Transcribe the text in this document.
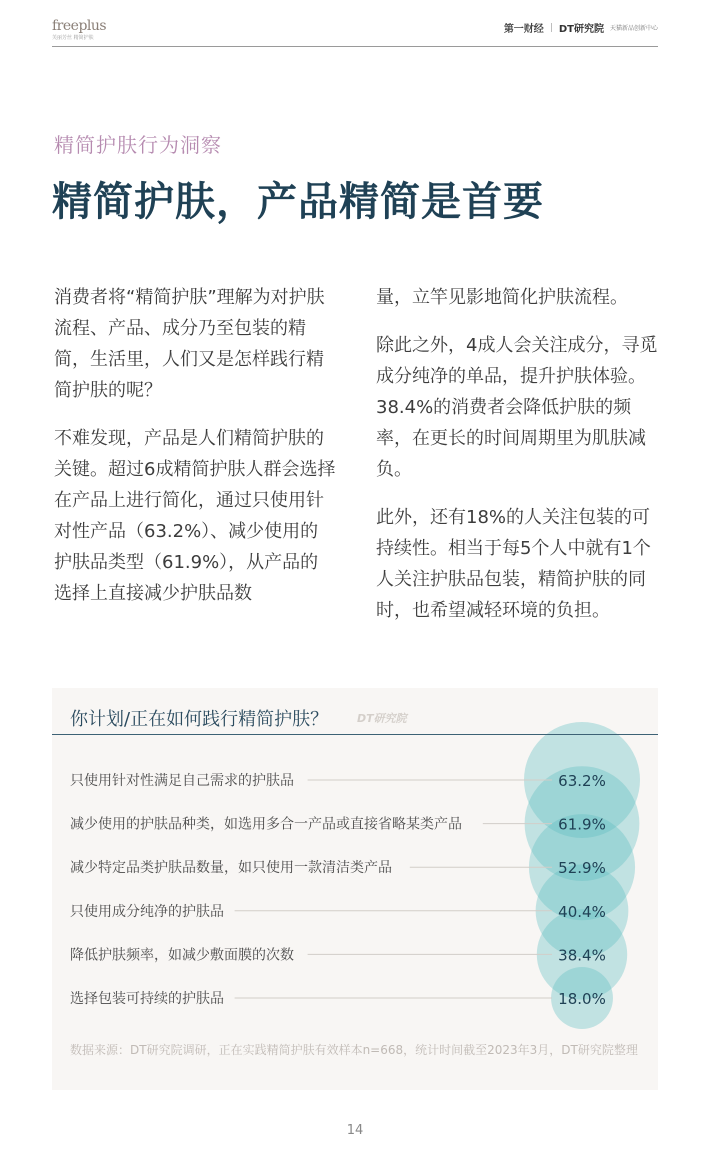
freeplus
芙丽芳丝 精简护肤
第一财经 | DT研究院 天猫新品创新中心
精简护肤行为洞察
精简护肤，产品精简是首要

消费者将“精简护肤”理解为对护肤流程、产品、成分乃至包装的精简，生活里，人们又是怎样践行精简护肤的呢？

不难发现，产品是人们精简护肤的关键。超过6成精简护肤人群会选择在产品上进行简化，通过只使用针对性产品（63.2%）、减少使用的护肤品类型（61.9%），从产品的选择上直接减少护肤品数

量，立竿见影地简化护肤流程。

除此之外，4成人会关注成分，寻觅成分纯净的单品，提升护肤体验。38.4%的消费者会降低护肤的频率，在更长的时间周期里为肌肤减负。

此外，还有18%的人关注包装的可持续性。相当于每5个人中就有1个人关注护肤品包装，精简护肤的同时，也希望减轻环境的负担。

只使用针对性满足自己需求的护肤品	63.2%
减少使用的护肤品种类，如选用多合一产品或直接省略某类产品	61.9%
减少特定品类护肤品数量，如只使用一款清洁类产品	52.9%
只使用成分纯净的护肤品	40.4%
降低护肤频率，如减少敷面膜的次数	38.4%
选择包装可持续的护肤品	18.0%
你计划/正在如何践行精简护肤？	DT研究院
数据来源：DT研究院调研，正在实践精简护肤有效样本n=668，统计时间截至2023年3月，DT研究院整理
14
